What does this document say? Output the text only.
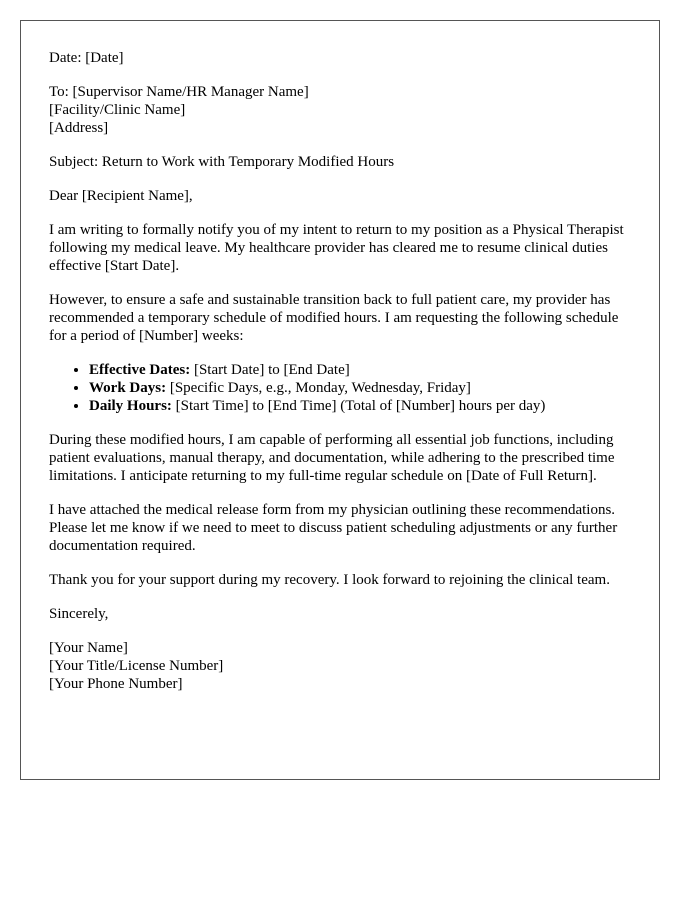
Date: [Date]

To: [Supervisor Name/HR Manager Name]
[Facility/Clinic Name]
[Address]

Subject: Return to Work with Temporary Modified Hours

Dear [Recipient Name],

I am writing to formally notify you of my intent to return to my position as a Physical Therapist following my medical leave. My healthcare provider has cleared me to resume clinical duties effective [Start Date].

However, to ensure a safe and sustainable transition back to full patient care, my provider has recommended a temporary schedule of modified hours. I am requesting the following schedule for a period of [Number] weeks:

• Effective Dates: [Start Date] to [End Date]
• Work Days: [Specific Days, e.g., Monday, Wednesday, Friday]
• Daily Hours: [Start Time] to [End Time] (Total of [Number] hours per day)

During these modified hours, I am capable of performing all essential job functions, including patient evaluations, manual therapy, and documentation, while adhering to the prescribed time limitations. I anticipate returning to my full-time regular schedule on [Date of Full Return].

I have attached the medical release form from my physician outlining these recommendations. Please let me know if we need to meet to discuss patient scheduling adjustments or any further documentation required.

Thank you for your support during my recovery. I look forward to rejoining the clinical team.

Sincerely,

[Your Name]
[Your Title/License Number]
[Your Phone Number]
